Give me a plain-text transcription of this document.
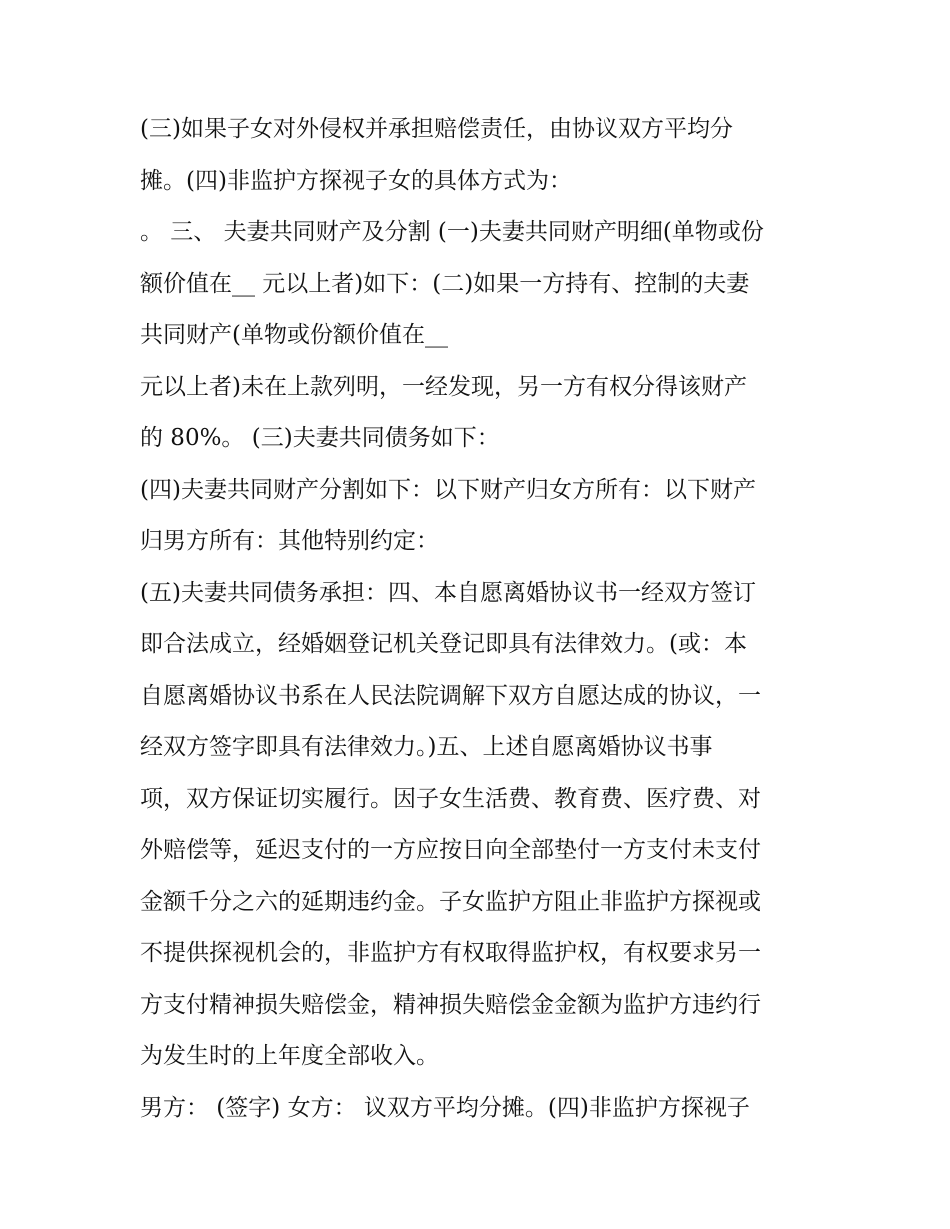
(三)如果子女对外侵权并承担赔偿责任，由协议双方平均分
摊。(四)非监护方探视子女的具体方式为：
。 三、 夫妻共同财产及分割 (一)夫妻共同财产明细(单物或份
额价值在__ 元以上者)如下：(二)如果一方持有、控制的夫妻
共同财产(单物或份额价值在__
元以上者)未在上款列明，一经发现，另一方有权分得该财产
的 80%。 (三)夫妻共同债务如下：
(四)夫妻共同财产分割如下：以下财产归女方所有：以下财产
归男方所有：其他特别约定：
(五)夫妻共同债务承担：四、本自愿离婚协议书一经双方签订
即合法成立，经婚姻登记机关登记即具有法律效力。(或：本
自愿离婚协议书系在人民法院调解下双方自愿达成的协议，一
经双方签字即具有法律效力。)五、上述自愿离婚协议书事
项，双方保证切实履行。因子女生活费、教育费、医疗费、对
外赔偿等，延迟支付的一方应按日向全部垫付一方支付未支付
金额千分之六的延期违约金。子女监护方阻止非监护方探视或
不提供探视机会的，非监护方有权取得监护权，有权要求另一
方支付精神损失赔偿金，精神损失赔偿金金额为监护方违约行
为发生时的上年度全部收入。
男方： (签字) 女方： 议双方平均分摊。(四)非监护方探视子
